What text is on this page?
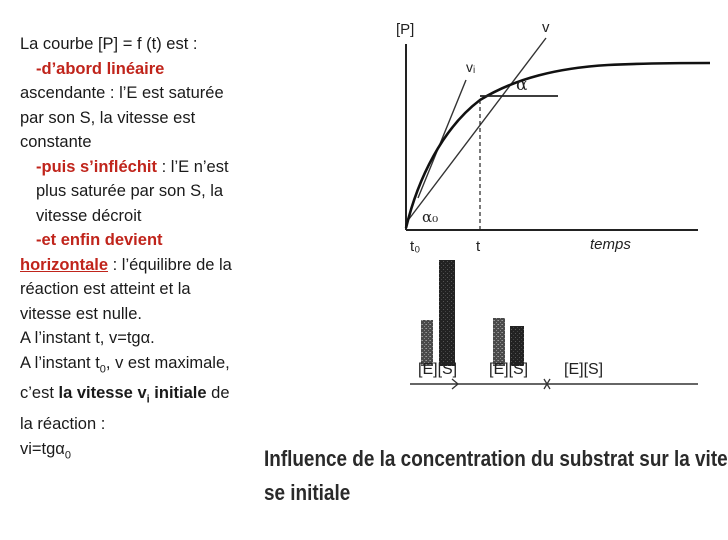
La courbe [P] = f (t) est :

-d’abord linéaire

ascendante : l’E est saturée par son S, la vitesse est constante

-puis s’infléchit : l’E n’est plus saturée par son S, la vitesse décroit

-et enfin devient

horizontale : l’équilibre de la réaction est atteint et la vitesse est nulle.

A l’instant t, v=tgα.

A l’instant $t_0$, v est maximale, c’est la vitesse $v_i$ initiale de la réaction :

vi=tgα$_0$

[P]	v
vᵢ
α
α₀
t₀	t	temps
[E][S] [E][S] [E][S]
Influence de la concentration du substrat sur la vite
se initiale
